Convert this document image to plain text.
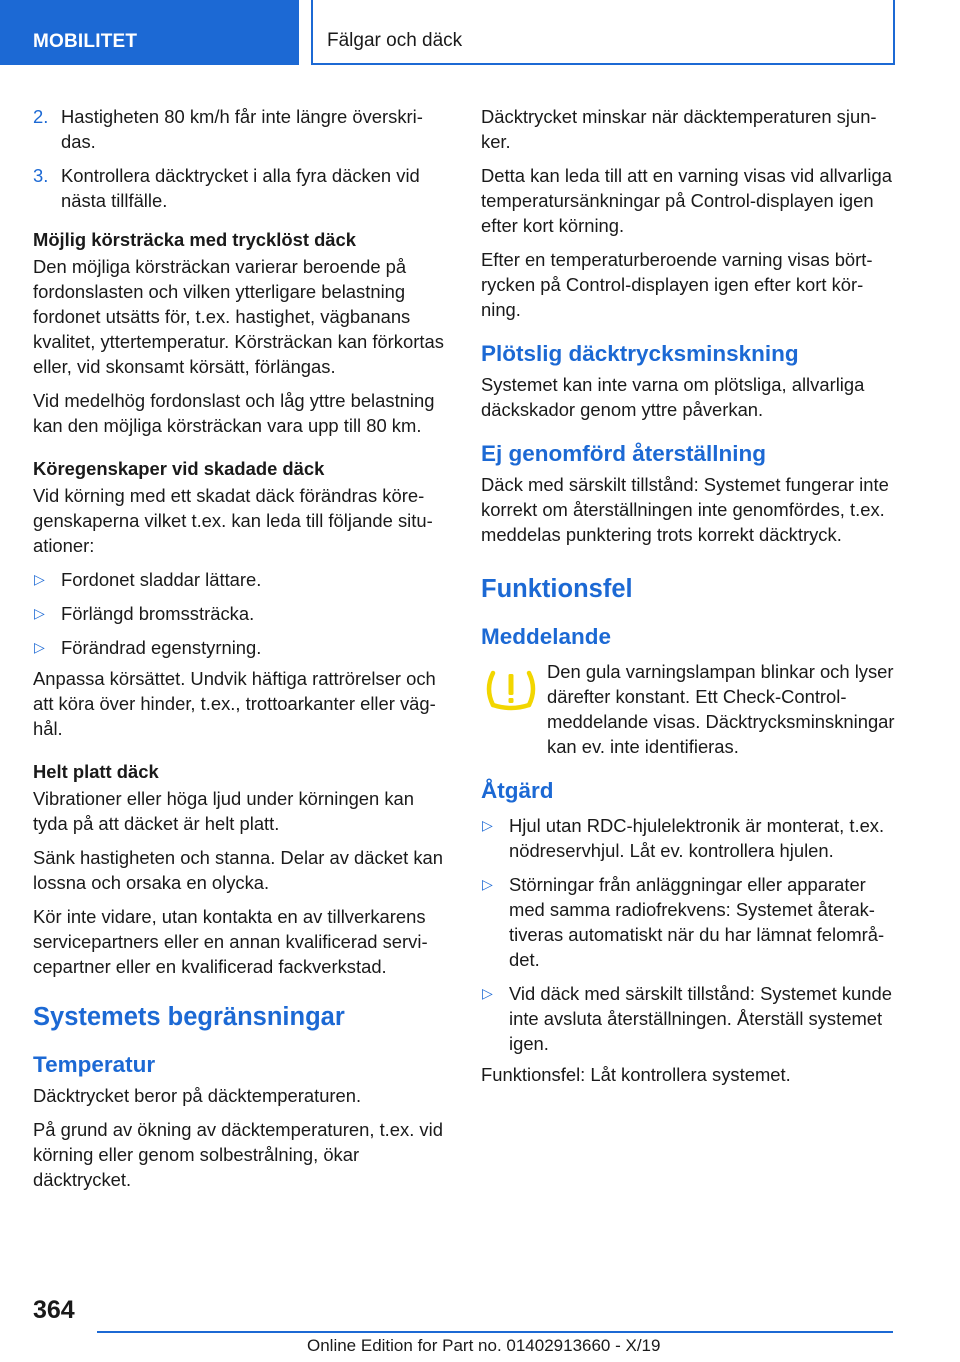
MOBILITET	Fälgar och däck
2. Hastigheten 80 km/h får inte längre överskridas.
3. Kontrollera däcktrycket i alla fyra däcken vid nästa tillfälle.
Möjlig körsträcka med trycklöst däck

Den möjliga körsträckan varierar beroende på fordonslasten och vilken ytterligare belastning fordonet utsätts för, t.ex. hastighet, vägbanans kvalitet, yttertemperatur. Körsträckan kan förkortas eller, vid skonsamt körsätt, förlängas.

Vid medelhög fordonslast och låg yttre belastning kan den möjliga körsträckan vara upp till 80 km.

Köregenskaper vid skadade däck

Vid körning med ett skadat däck förändras köregenskaperna vilket t.ex. kan leda till följande situationer:

▷ Fordonet sladdar lättare.
▷ Förlängd bromssträcka.
▷ Förändrad egenstyrning.

Anpassa körsättet. Undvik häftiga rattrörelser och att köra över hinder, t.ex., trottoarkanter eller väghål.

Helt platt däck

Vibrationer eller höga ljud under körningen kan tyda på att däcket är helt platt.

Sänk hastigheten och stanna. Delar av däcket kan lossna och orsaka en olycka.

Kör inte vidare, utan kontakta en av tillverkarens servicepartners eller en annan kvalificerad servicepartner eller en kvalificerad fackverkstad.

Systemets begränsningar
Temperatur

Däcktrycket beror på däcktemperaturen.

På grund av ökning av däcktemperaturen, t.ex. vid körning eller genom solbestrålning, ökar däcktrycket.

Däcktrycket minskar när däcktemperaturen sjunker.

Detta kan leda till att en varning visas vid allvarliga temperatursänkningar på Control-displayen igen efter kort körning.

Efter en temperaturberoende varning visas börtrycken på Control-displayen igen efter kort körning.

Plötslig däcktrycksminskning

Systemet kan inte varna om plötsliga, allvarliga däckskador genom yttre påverkan.

Ej genomförd återställning

Däck med särskilt tillstånd: Systemet fungerar inte korrekt om återställningen inte genomfördes, t.ex. meddelas punktering trots korrekt däcktryck.

Funktionsfel
Meddelande
Den gula varningslampan blinkar och lyser därefter konstant. Ett Check-Control-meddelande visas. Däcktrycksminskningar kan ev. inte identifieras.
Åtgärd
▷ Hjul utan RDC-hjulelektronik är monterat, t.ex. nödreservhjul. Låt ev. kontrollera hjulen.
▷ Störningar från anläggningar eller apparater med samma radiofrekvens: Systemet återaktiveras automatiskt när du har lämnat felområdet.
▷ Vid däck med särskilt tillstånd: Systemet kunde inte avsluta återställningen. Återställ systemet igen.

Funktionsfel: Låt kontrollera systemet.

364
Online Edition for Part no. 01402913660 - X/19
